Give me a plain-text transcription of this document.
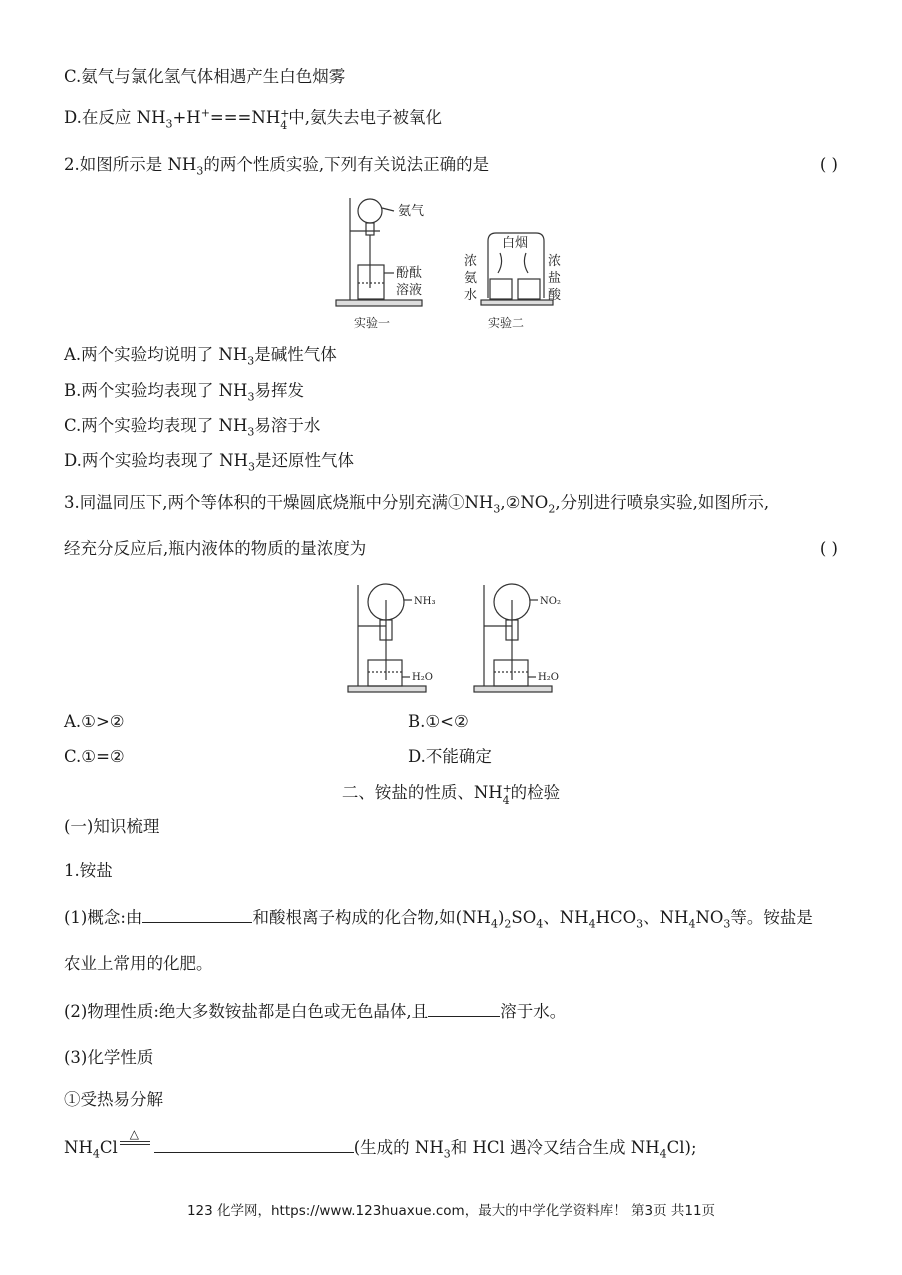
C.氨气与氯化氢气体相遇产生白色烟雾
D.在反应 $NH_3+H^+===NH$ +
4 中,氨失去电子被氧化
2.如图所示是 $NH_3$的两个性质实验,下列有关说法正确的是	( )
氨气
酚酞
溶液
实验一
白烟
浓
氨
水
浓
盐
酸
实验二
A.两个实验均说明了 $NH_3$是碱性气体
B.两个实验均表现了 $NH_3$易挥发
C.两个实验均表现了 $NH_3$易溶于水
D.两个实验均表现了 $NH_3$是还原性气体
3.同温同压下,两个等体积的干燥圆底烧瓶中分别充满$①NH_3,②NO_2$,分别进行喷泉实验,如图所示,
经充分反应后,瓶内液体的物质的量浓度为	( )
NH₃
H₂O
NO₂
H₂O
A.①>②	B.①<②
C.①=②	D.不能确定
二、铵盐的性质、NH +
4 的检验
(一)知识梳理
1.铵盐
(1)概念:由	和酸根离子构成的化合物,如$(NH_4)_2SO_4$、$NH_4HCO_3$、$NH_4NO_3$等。铵盐是
农业上常用的化肥。
(2)物理性质:绝大多数铵盐都是白色或无色晶体,且	溶于水。
(3)化学性质
①受热易分解
$NH_4Cl$
△
(生成的 $NH_3$和 HCl 遇冷又结合生成 $NH_4Cl$);
123 化学网，https://www.123huaxue.com，最大的中学化学资料库！ 第3页 共11页
